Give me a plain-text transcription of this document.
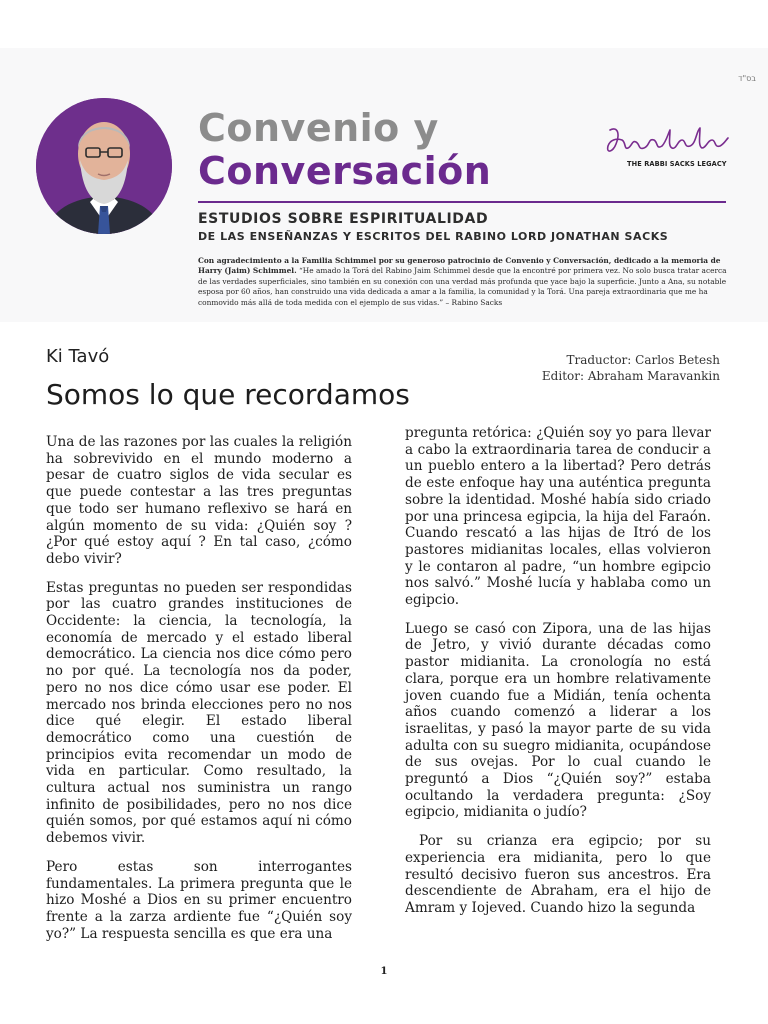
בס"ד
Convenio y
Conversación	THE RABBI SACKS LEGACY
ESTUDIOS SOBRE ESPIRITUALIDAD
DE LAS ENSEÑANZAS Y ESCRITOS DEL RABINO LORD JONATHAN SACKS

Con agradecimiento a la Familia Schimmel por su generoso patrocinio de Convenio y Conversación, dedicado a la memoria de Harry (Jaim) Schimmel. “He amado la Torá del Rabino Jaim Schimmel desde que la encontré por primera vez. No solo busca tratar acerca de las verdades superficiales, sino también en su conexión con una verdad más profunda que yace bajo la superficie. Junto a Ana, su notable esposa por 60 años, han construido una vida dedicada a amar a la familia, la comunidad y la Torá. Una pareja extraordinaria que me ha conmovido más allá de toda medida con el ejemplo de sus vidas.” – Rabino Sacks

Ki Tavó	Traductor: Carlos Betesh
Editor: Abraham Maravankin
Somos lo que recordamos

Una de las razones por las cuales la religión ha sobrevivido en el mundo moderno a pesar de cuatro siglos de vida secular es que puede contestar a las tres preguntas que todo ser humano reflexivo se hará en algún momento de su vida: ¿Quién soy ? ¿Por qué estoy aquí ? En tal caso, ¿cómo debo vivir?

Estas preguntas no pueden ser respondidas por las cuatro grandes instituciones de Occidente: la ciencia, la tecnología, la economía de mercado y el estado liberal democrático. La ciencia nos dice cómo pero no por qué. La tecnología nos da poder, pero no nos dice cómo usar ese poder. El mercado nos brinda elecciones pero no nos dice qué elegir. El estado liberal democrático como una cuestión de principios evita recomendar un modo de vida en particular. Como resultado, la cultura actual nos suministra un rango infinito de posibilidades, pero no nos dice quién somos, por qué estamos aquí ni cómo debemos vivir.

Pero estas son interrogantes fundamentales. La primera pregunta que le hizo Moshé a Dios en su primer encuentro frente a la zarza ardiente fue “¿Quién soy yo?” La respuesta sencilla es que era una

pregunta retórica: ¿Quién soy yo para llevar a cabo la extraordinaria tarea de conducir a un pueblo entero a la libertad? Pero detrás de este enfoque hay una auténtica pregunta sobre la identidad. Moshé había sido criado por una princesa egipcia, la hija del Faraón. Cuando rescató a las hijas de Itró de los pastores midianitas locales, ellas volvieron y le contaron al padre, “un hombre egipcio nos salvó.” Moshé lucía y hablaba como un egipcio.

Luego se casó con Zipora, una de las hijas de Jetro, y vivió durante décadas como pastor midianita. La cronología no está clara, porque era un hombre relativamente joven cuando fue a Midián, tenía ochenta años cuando comenzó a liderar a los israelitas, y pasó la mayor parte de su vida adulta con su suegro midianita, ocupándose de sus ovejas. Por lo cual cuando le preguntó a Dios “¿Quién soy?” estaba ocultando la verdadera pregunta: ¿Soy egipcio, midianita o judío?

Por su crianza era egipcio; por su experiencia era midianita, pero lo que resultó decisivo fueron sus ancestros. Era descendiente de Abraham, era el hijo de Amram y Iojeved. Cuando hizo la segunda

1
